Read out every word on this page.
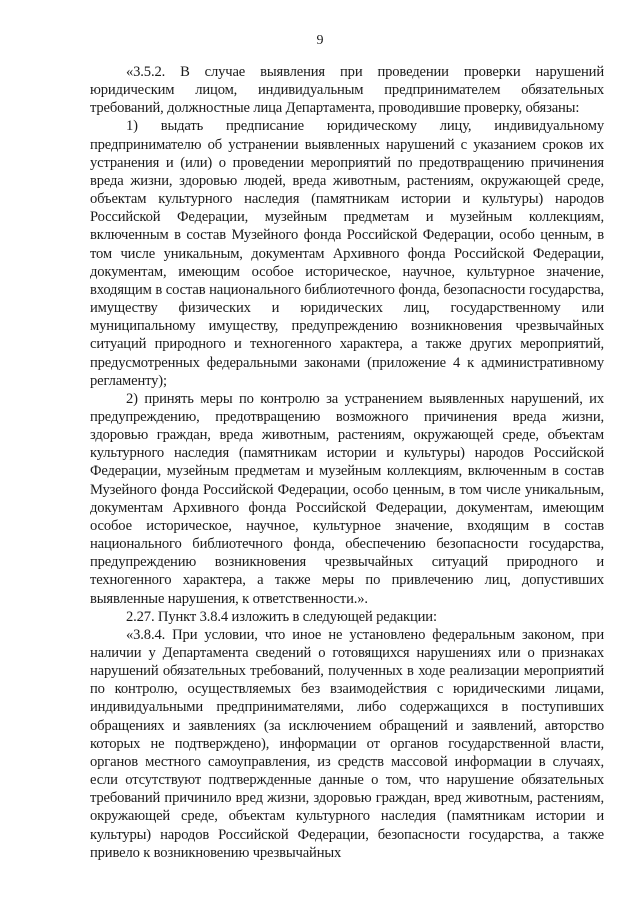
9

«3.5.2. В случае выявления при проведении проверки нарушений юридическим лицом, индивидуальным предпринимателем обязательных требований, должностные лица Департамента, проводившие проверку, обязаны:

1) выдать предписание юридическому лицу, индивидуальному предпринимателю об устранении выявленных нарушений с указанием сроков их устранения и (или) о проведении мероприятий по предотвращению причинения вреда жизни, здоровью людей, вреда животным, растениям, окружающей среде, объектам культурного наследия (памятникам истории и культуры) народов Российской Федерации, музейным предметам и музейным коллекциям, включенным в состав Музейного фонда Российской Федерации, особо ценным, в том числе уникальным, документам Архивного фонда Российской Федерации, документам, имеющим особое историческое, научное, культурное значение, входящим в состав национального библиотечного фонда, безопасности государства, имуществу физических и юридических лиц, государственному или муниципальному имуществу, предупреждению возникновения чрезвычайных ситуаций природного и техногенного характера, а также других мероприятий, предусмотренных федеральными законами (приложение 4 к административному регламенту);

2) принять меры по контролю за устранением выявленных нарушений, их предупреждению, предотвращению возможного причинения вреда жизни, здоровью граждан, вреда животным, растениям, окружающей среде, объектам культурного наследия (памятникам истории и культуры) народов Российской Федерации, музейным предметам и музейным коллекциям, включенным в состав Музейного фонда Российской Федерации, особо ценным, в том числе уникальным, документам Архивного фонда Российской Федерации, документам, имеющим особое историческое, научное, культурное значение, входящим в состав национального библиотечного фонда, обеспечению безопасности государства, предупреждению возникновения чрезвычайных ситуаций природного и техногенного характера, а также меры по привлечению лиц, допустивших выявленные нарушения, к ответственности.».

2.27. Пункт 3.8.4 изложить в следующей редакции:

«3.8.4. При условии, что иное не установлено федеральным законом, при наличии у Департамента сведений о готовящихся нарушениях или о признаках нарушений обязательных требований, полученных в ходе реализации мероприятий по контролю, осуществляемых без взаимодействия с юридическими лицами, индивидуальными предпринимателями, либо содержащихся в поступивших обращениях и заявлениях (за исключением обращений и заявлений, авторство которых не подтверждено), информации от органов государственной власти, органов местного самоуправления, из средств массовой информации в случаях, если отсутствуют подтвержденные данные о том, что нарушение обязательных требований причинило вред жизни, здоровью граждан, вред животным, растениям, окружающей среде, объектам культурного наследия (памятникам истории и культуры) народов Российской Федерации, безопасности государства, а также привело к возникновению чрезвычайных
